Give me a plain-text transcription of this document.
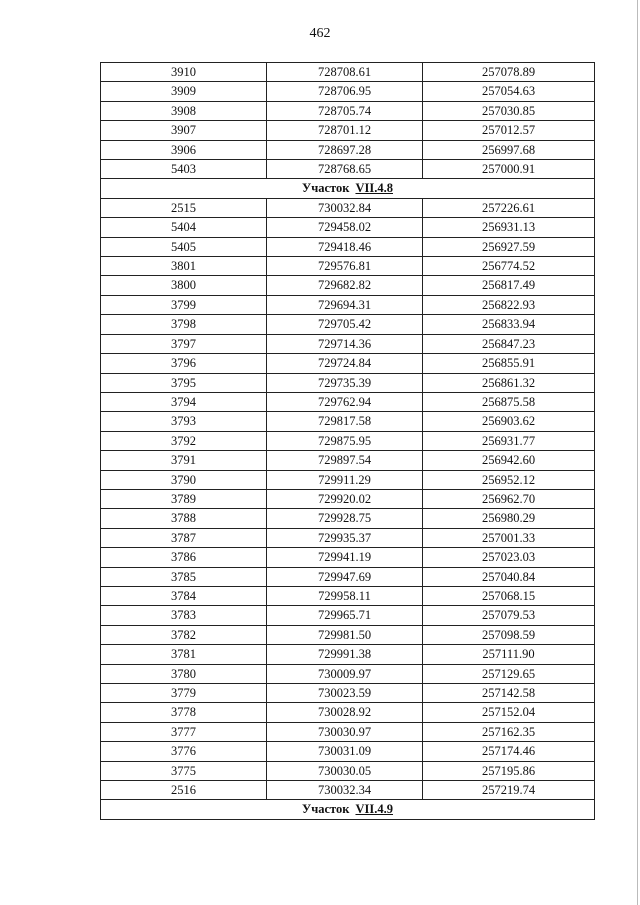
462
3910	728708.61	257078.89
3909	728706.95	257054.63
3908	728705.74	257030.85
3907	728701.12	257012.57
3906	728697.28	256997.68
5403	728768.65	257000.91
Участок VII.4.8		
2515	730032.84	257226.61
5404	729458.02	256931.13
5405	729418.46	256927.59
3801	729576.81	256774.52
3800	729682.82	256817.49
3799	729694.31	256822.93
3798	729705.42	256833.94
3797	729714.36	256847.23
3796	729724.84	256855.91
3795	729735.39	256861.32
3794	729762.94	256875.58
3793	729817.58	256903.62
3792	729875.95	256931.77
3791	729897.54	256942.60
3790	729911.29	256952.12
3789	729920.02	256962.70
3788	729928.75	256980.29
3787	729935.37	257001.33
3786	729941.19	257023.03
3785	729947.69	257040.84
3784	729958.11	257068.15
3783	729965.71	257079.53
3782	729981.50	257098.59
3781	729991.38	257111.90
3780	730009.97	257129.65
3779	730023.59	257142.58
3778	730028.92	257152.04
3777	730030.97	257162.35
3776	730031.09	257174.46
3775	730030.05	257195.86
2516	730032.34	257219.74
Участок VII.4.9		
